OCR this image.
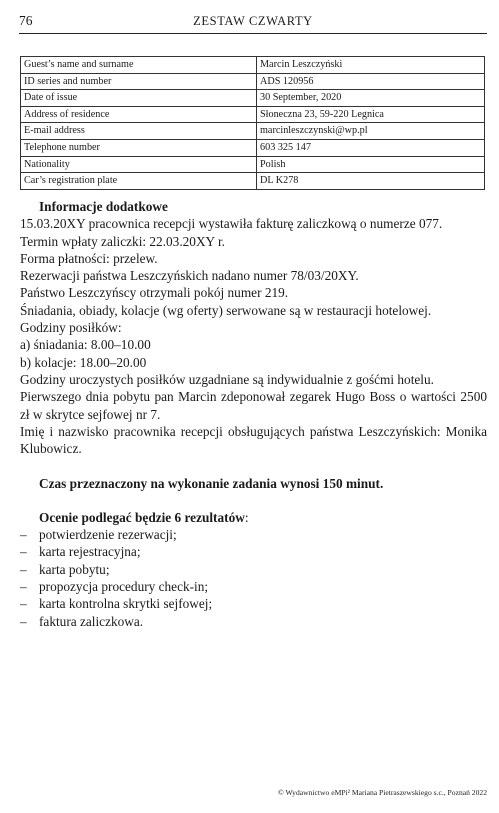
76	ZESTAW CZWARTY
Guest’s name and surname	Marcin Leszczyński
ID series and number	ADS 120956
Date of issue	30 September, 2020
Address of residence	Słoneczna 23, 59-220 Legnica
E-mail address	marcinleszczynski@wp.pl
Telephone number	603 325 147
Nationality	Polish
Car’s registration plate	DL K278

Informacje dodatkowe

15.03.20XY pracownica recepcji wystawiła fakturę zaliczkową o numerze 077.

Termin wpłaty zaliczki: 22.03.20XY r.

Forma płatności: przelew.

Rezerwacji państwa Leszczyńskich nadano numer 78/03/20XY.

Państwo Leszczyńscy otrzymali pokój numer 219.

Śniadania, obiady, kolacje (wg oferty) serwowane są w restauracji hotelowej.

Godziny posiłków:

a) śniadania: 8.00–10.00

b) kolacje: 18.00–20.00

Godziny uroczystych posiłków uzgadniane są indywidualnie z gośćmi hotelu.

Pierwszego dnia pobytu pan Marcin zdeponował zegarek Hugo Boss o wartości 2500 zł w skrytce sejfowej nr 7.

Imię i nazwisko pracownika recepcji obsługujących państwa Leszczyńskich: Monika Klubowicz.

Czas przeznaczony na wykonanie zadania wynosi 150 minut.

Ocenie podlegać będzie 6 rezultatów:

– potwierdzenie rezerwacji;
– karta rejestracyjna;
– karta pobytu;
– propozycja procedury check-in;
– karta kontrolna skrytki sejfowej;
– faktura zaliczkowa.
© Wydawnictwo eMPi² Mariana Pietraszewskiego s.c., Poznań 2022
